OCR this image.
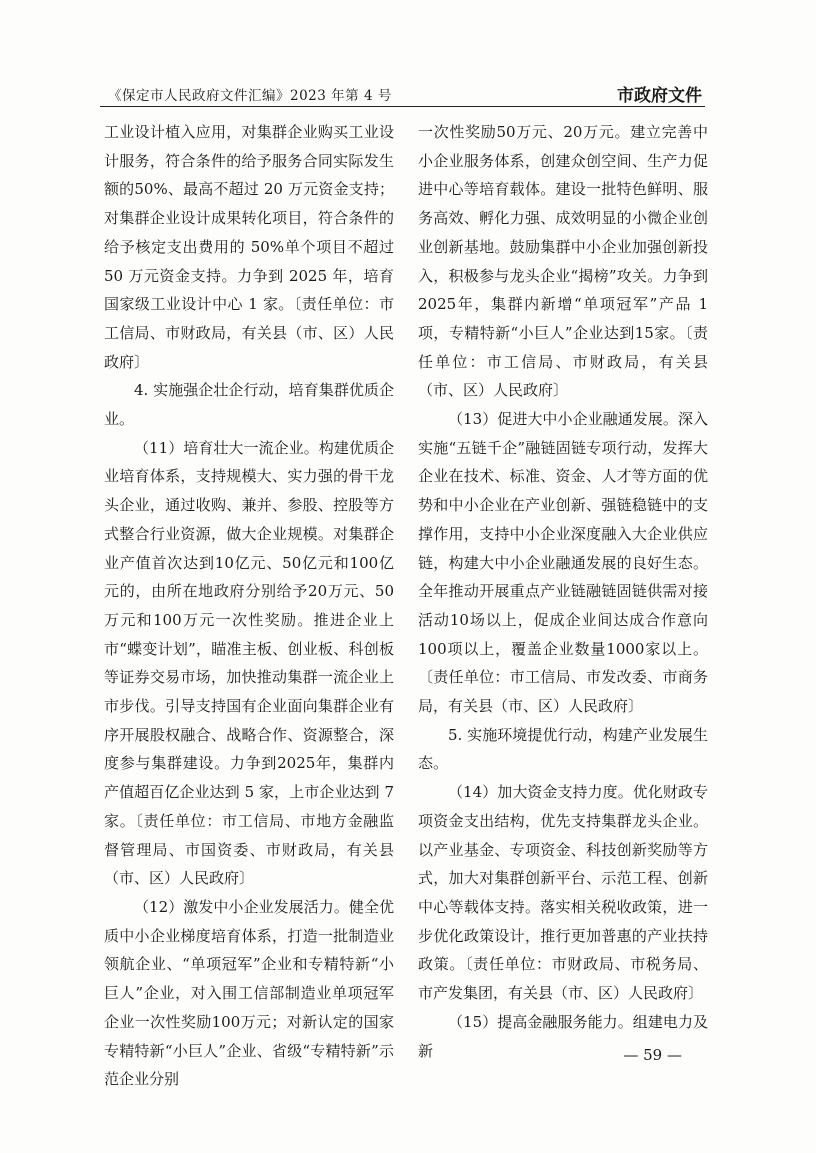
《保定市人民政府文件汇编》2023 年第 4 号	市政府文件

工业设计植入应用，对集群企业购买工业设计服务，符合条件的给予服务合同实际发生额的50%、最高不超过 20 万元资金支持；对集群企业设计成果转化项目，符合条件的给予核定支出费用的 50%单个项目不超过 50 万元资金支持。力争到 2025 年，培育国家级工业设计中心 1 家。〔责任单位：市工信局、市财政局，有关县（市、区）人民政府〕

4. 实施强企壮企行动，培育集群优质企业。

（11）培育壮大一流企业。构建优质企业培育体系，支持规模大、实力强的骨干龙头企业，通过收购、兼并、参股、控股等方式整合行业资源，做大企业规模。对集群企业产值首次达到10亿元、50亿元和100亿元的，由所在地政府分别给予20万元、50万元和100万元一次性奖励。推进企业上市“蝶变计划”，瞄准主板、创业板、科创板等证券交易市场，加快推动集群一流企业上市步伐。引导支持国有企业面向集群企业有序开展股权融合、战略合作、资源整合，深度参与集群建设。力争到2025年，集群内产值超百亿企业达到 5 家，上市企业达到 7 家。〔责任单位：市工信局、市地方金融监督管理局、市国资委、市财政局，有关县（市、区）人民政府〕

（12）激发中小企业发展活力。健全优质中小企业梯度培育体系，打造一批制造业领航企业、“单项冠军”企业和专精特新“小巨人”企业，对入围工信部制造业单项冠军企业一次性奖励100万元；对新认定的国家专精特新“小巨人”企业、省级“专精特新”示范企业分别

一次性奖励50万元、20万元。建立完善中小企业服务体系，创建众创空间、生产力促进中心等培育载体。建设一批特色鲜明、服务高效、孵化力强、成效明显的小微企业创业创新基地。鼓励集群中小企业加强创新投入，积极参与龙头企业“揭榜”攻关。力争到2025年，集群内新增“单项冠军”产品 1 项，专精特新“小巨人”企业达到15家。〔责任单位：市工信局、市财政局，有关县（市、区）人民政府〕

（13）促进大中小企业融通发展。深入实施“五链千企”融链固链专项行动，发挥大企业在技术、标准、资金、人才等方面的优势和中小企业在产业创新、强链稳链中的支撑作用，支持中小企业深度融入大企业供应链，构建大中小企业融通发展的良好生态。全年推动开展重点产业链融链固链供需对接活动10场以上，促成企业间达成合作意向100项以上，覆盖企业数量1000家以上。〔责任单位：市工信局、市发改委、市商务局，有关县（市、区）人民政府〕

5. 实施环境提优行动，构建产业发展生态。

（14）加大资金支持力度。优化财政专项资金支出结构，优先支持集群龙头企业。以产业基金、专项资金、科技创新奖励等方式，加大对集群创新平台、示范工程、创新中心等载体支持。落实相关税收政策，进一步优化政策设计，推行更加普惠的产业扶持政策。〔责任单位：市财政局、市税务局、市产发集团，有关县（市、区）人民政府〕

（15）提高金融服务能力。组建电力及新	— 59 —
